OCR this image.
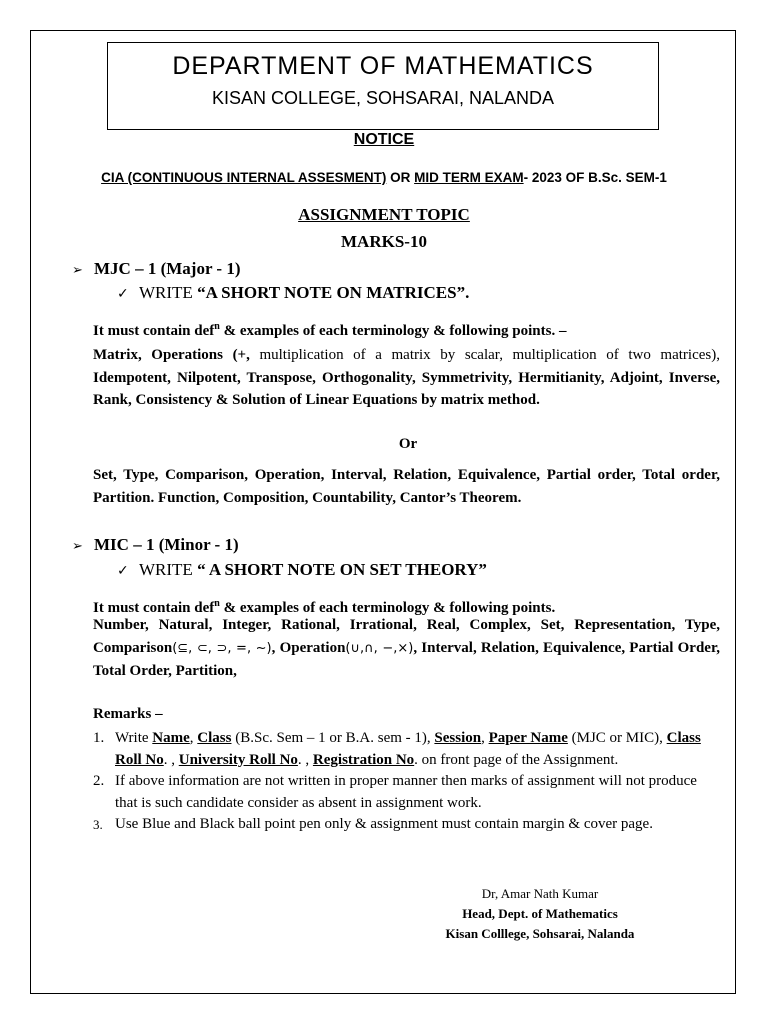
DEPARTMENT OF MATHEMATICS
KISAN COLLEGE, SOHSARAI, NALANDA
NOTICE
CIA (CONTINUOUS INTERNAL ASSESMENT) OR MID TERM EXAM- 2023 OF B.Sc. SEM-1
ASSIGNMENT TOPIC
MARKS-10
➢ MJC – 1 (Major - 1)
✓ WRITE “A SHORT NOTE ON MATRICES”.
It must contain def$^n$ & examples of each terminology & following points. –
Matrix, Operations (+, multiplication of a matrix by scalar, multiplication of two matrices), Idempotent, Nilpotent, Transpose, Orthogonality, Symmetrivity, Hermitianity, Adjoint, Inverse, Rank, Consistency & Solution of Linear Equations by matrix method.
Or
Set, Type, Comparison, Operation, Interval, Relation, Equivalence, Partial order, Total order, Partition. Function, Composition, Countability, Cantor’s Theorem.
➢ MIC – 1 (Minor - 1)
✓ WRITE “ A SHORT NOTE ON SET THEORY”
It must contain def$^n$ & examples of each terminology & following points.
Number, Natural, Integer, Rational, Irrational, Real, Complex, Set, Representation, Type, Comparison(⊆, ⊂, ⊃, =, ~), Operation(∪,∩, −,×), Interval, Relation, Equivalence, Partial Order, Total Order, Partition,
Remarks –
1. Write Name, Class (B.Sc. Sem – 1 or B.A. sem - 1), Session, Paper Name (MJC or MIC), Class Roll No. , University Roll No. , Registration No. on front page of the Assignment.
2. If above information are not written in proper manner then marks of assignment will not produce that is such candidate consider as absent in assignment work.
3. Use Blue and Black ball point pen only & assignment must contain margin & cover page.
Dr, Amar Nath Kumar
Head, Dept. of Mathematics
Kisan Colllege, Sohsarai, Nalanda
